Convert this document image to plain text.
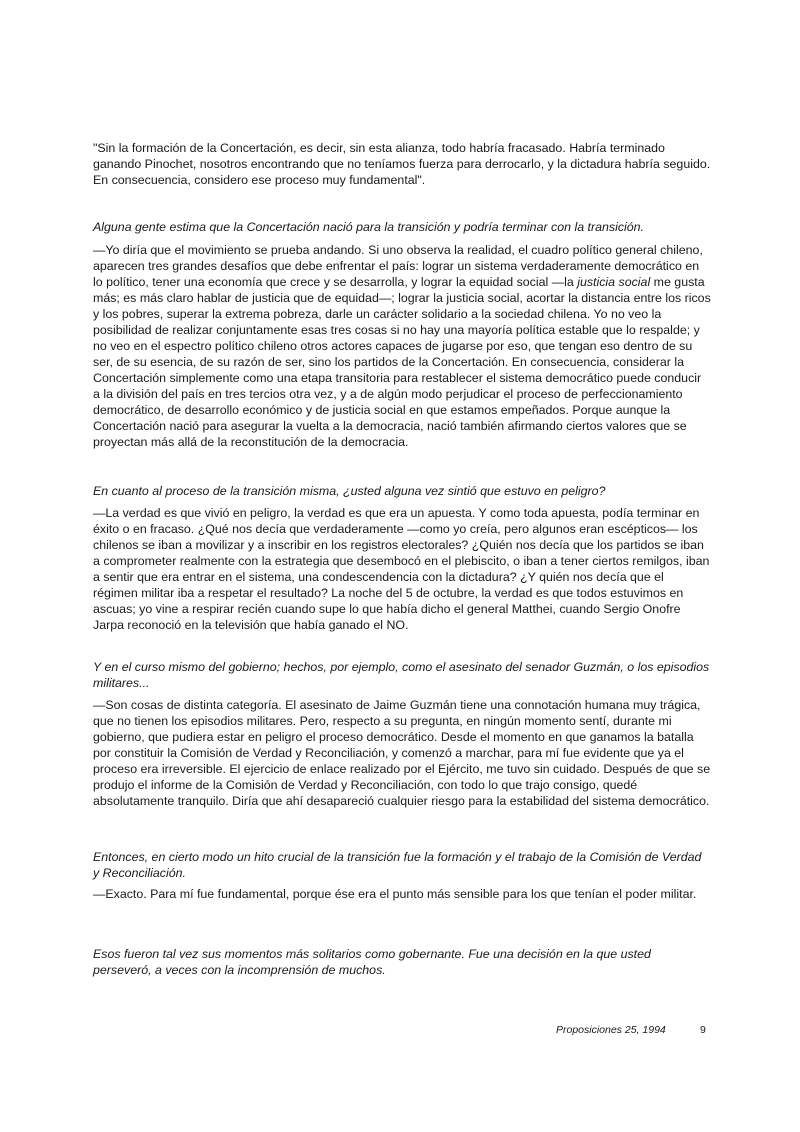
"Sin la formación de la Concertación, es decir, sin esta alianza, todo habría fracasado. Habría terminado ganando Pinochet, nosotros encontrando que no teníamos fuerza para derrocarlo, y la dictadura habría seguido. En consecuencia, considero ese proceso muy fundamental".

Alguna gente estima que la Concertación nació para la transición y podría terminar con la transición.

—Yo diría que el movimiento se prueba andando. Si uno observa la realidad, el cuadro político general chileno, aparecen tres grandes desafíos que debe enfrentar el país: lograr un sistema verdaderamente democrático en lo político, tener una economía que crece y se desarrolla, y lograr la equidad social —la justicia social me gusta más; es más claro hablar de justicia que de equidad—; lograr la justicia social, acortar la distancia entre los ricos y los pobres, superar la extrema pobreza, darle un carácter solidario a la sociedad chilena. Yo no veo la posibilidad de realizar conjuntamente esas tres cosas si no hay una mayoría política estable que lo respalde; y no veo en el espectro político chileno otros actores capaces de jugarse por eso, que tengan eso dentro de su ser, de su esencia, de su razón de ser, sino los partidos de la Concertación. En consecuencia, considerar la Concertación simplemente como una etapa transitoria para restablecer el sistema democrático puede conducir a la división del país en tres tercios otra vez, y a de algún modo perjudicar el proceso de perfeccionamiento democrático, de desarrollo económico y de justicia social en que estamos empeñados. Porque aunque la Concertación nació para asegurar la vuelta a la democracia, nació también afirmando ciertos valores que se proyectan más allá de la reconstitución de la democracia.

En cuanto al proceso de la transición misma, ¿usted alguna vez sintió que estuvo en peligro?

—La verdad es que vivió en peligro, la verdad es que era un apuesta. Y como toda apuesta, podía terminar en éxito o en fracaso. ¿Qué nos decía que verdaderamente —como yo creía, pero algunos eran escépticos— los chilenos se iban a movilizar y a inscribir en los registros electorales? ¿Quién nos decía que los partidos se iban a comprometer realmente con la estrategia que desembocó en el plebiscito, o iban a tener ciertos remilgos, iban a sentir que era entrar en el sistema, una condescendencia con la dictadura? ¿Y quién nos decía que el régimen militar iba a respetar el resultado? La noche del 5 de octubre, la verdad es que todos estuvimos en ascuas; yo vine a respirar recién cuando supe lo que había dicho el general Matthei, cuando Sergio Onofre Jarpa reconoció en la televisión que había ganado el NO.

Y en el curso mismo del gobierno; hechos, por ejemplo, como el asesinato del senador Guzmán, o los episodios militares...

—Son cosas de distinta categoría. El asesinato de Jaime Guzmán tiene una connotación humana muy trágica, que no tienen los episodios militares. Pero, respecto a su pregunta, en ningún momento sentí, durante mi gobierno, que pudiera estar en peligro el proceso democrático. Desde el momento en que ganamos la batalla por constituir la Comisión de Verdad y Reconciliación, y comenzó a marchar, para mí fue evidente que ya el proceso era irreversible. El ejercicio de enlace realizado por el Ejército, me tuvo sin cuidado. Después de que se produjo el informe de la Comisión de Verdad y Reconciliación, con todo lo que trajo consigo, quedé absolutamente tranquilo. Diría que ahí desapareció cualquier riesgo para la estabilidad del sistema democrático.

Entonces, en cierto modo un hito crucial de la transición fue la formación y el trabajo de la Comisión de Verdad y Reconciliación.

—Exacto. Para mí fue fundamental, porque ése era el punto más sensible para los que tenían el poder militar.

Esos fueron tal vez sus momentos más solitarios como gobernante. Fue una decisión en la que usted perseveró, a veces con la incomprensión de muchos.

Proposiciones 25, 1994	9
